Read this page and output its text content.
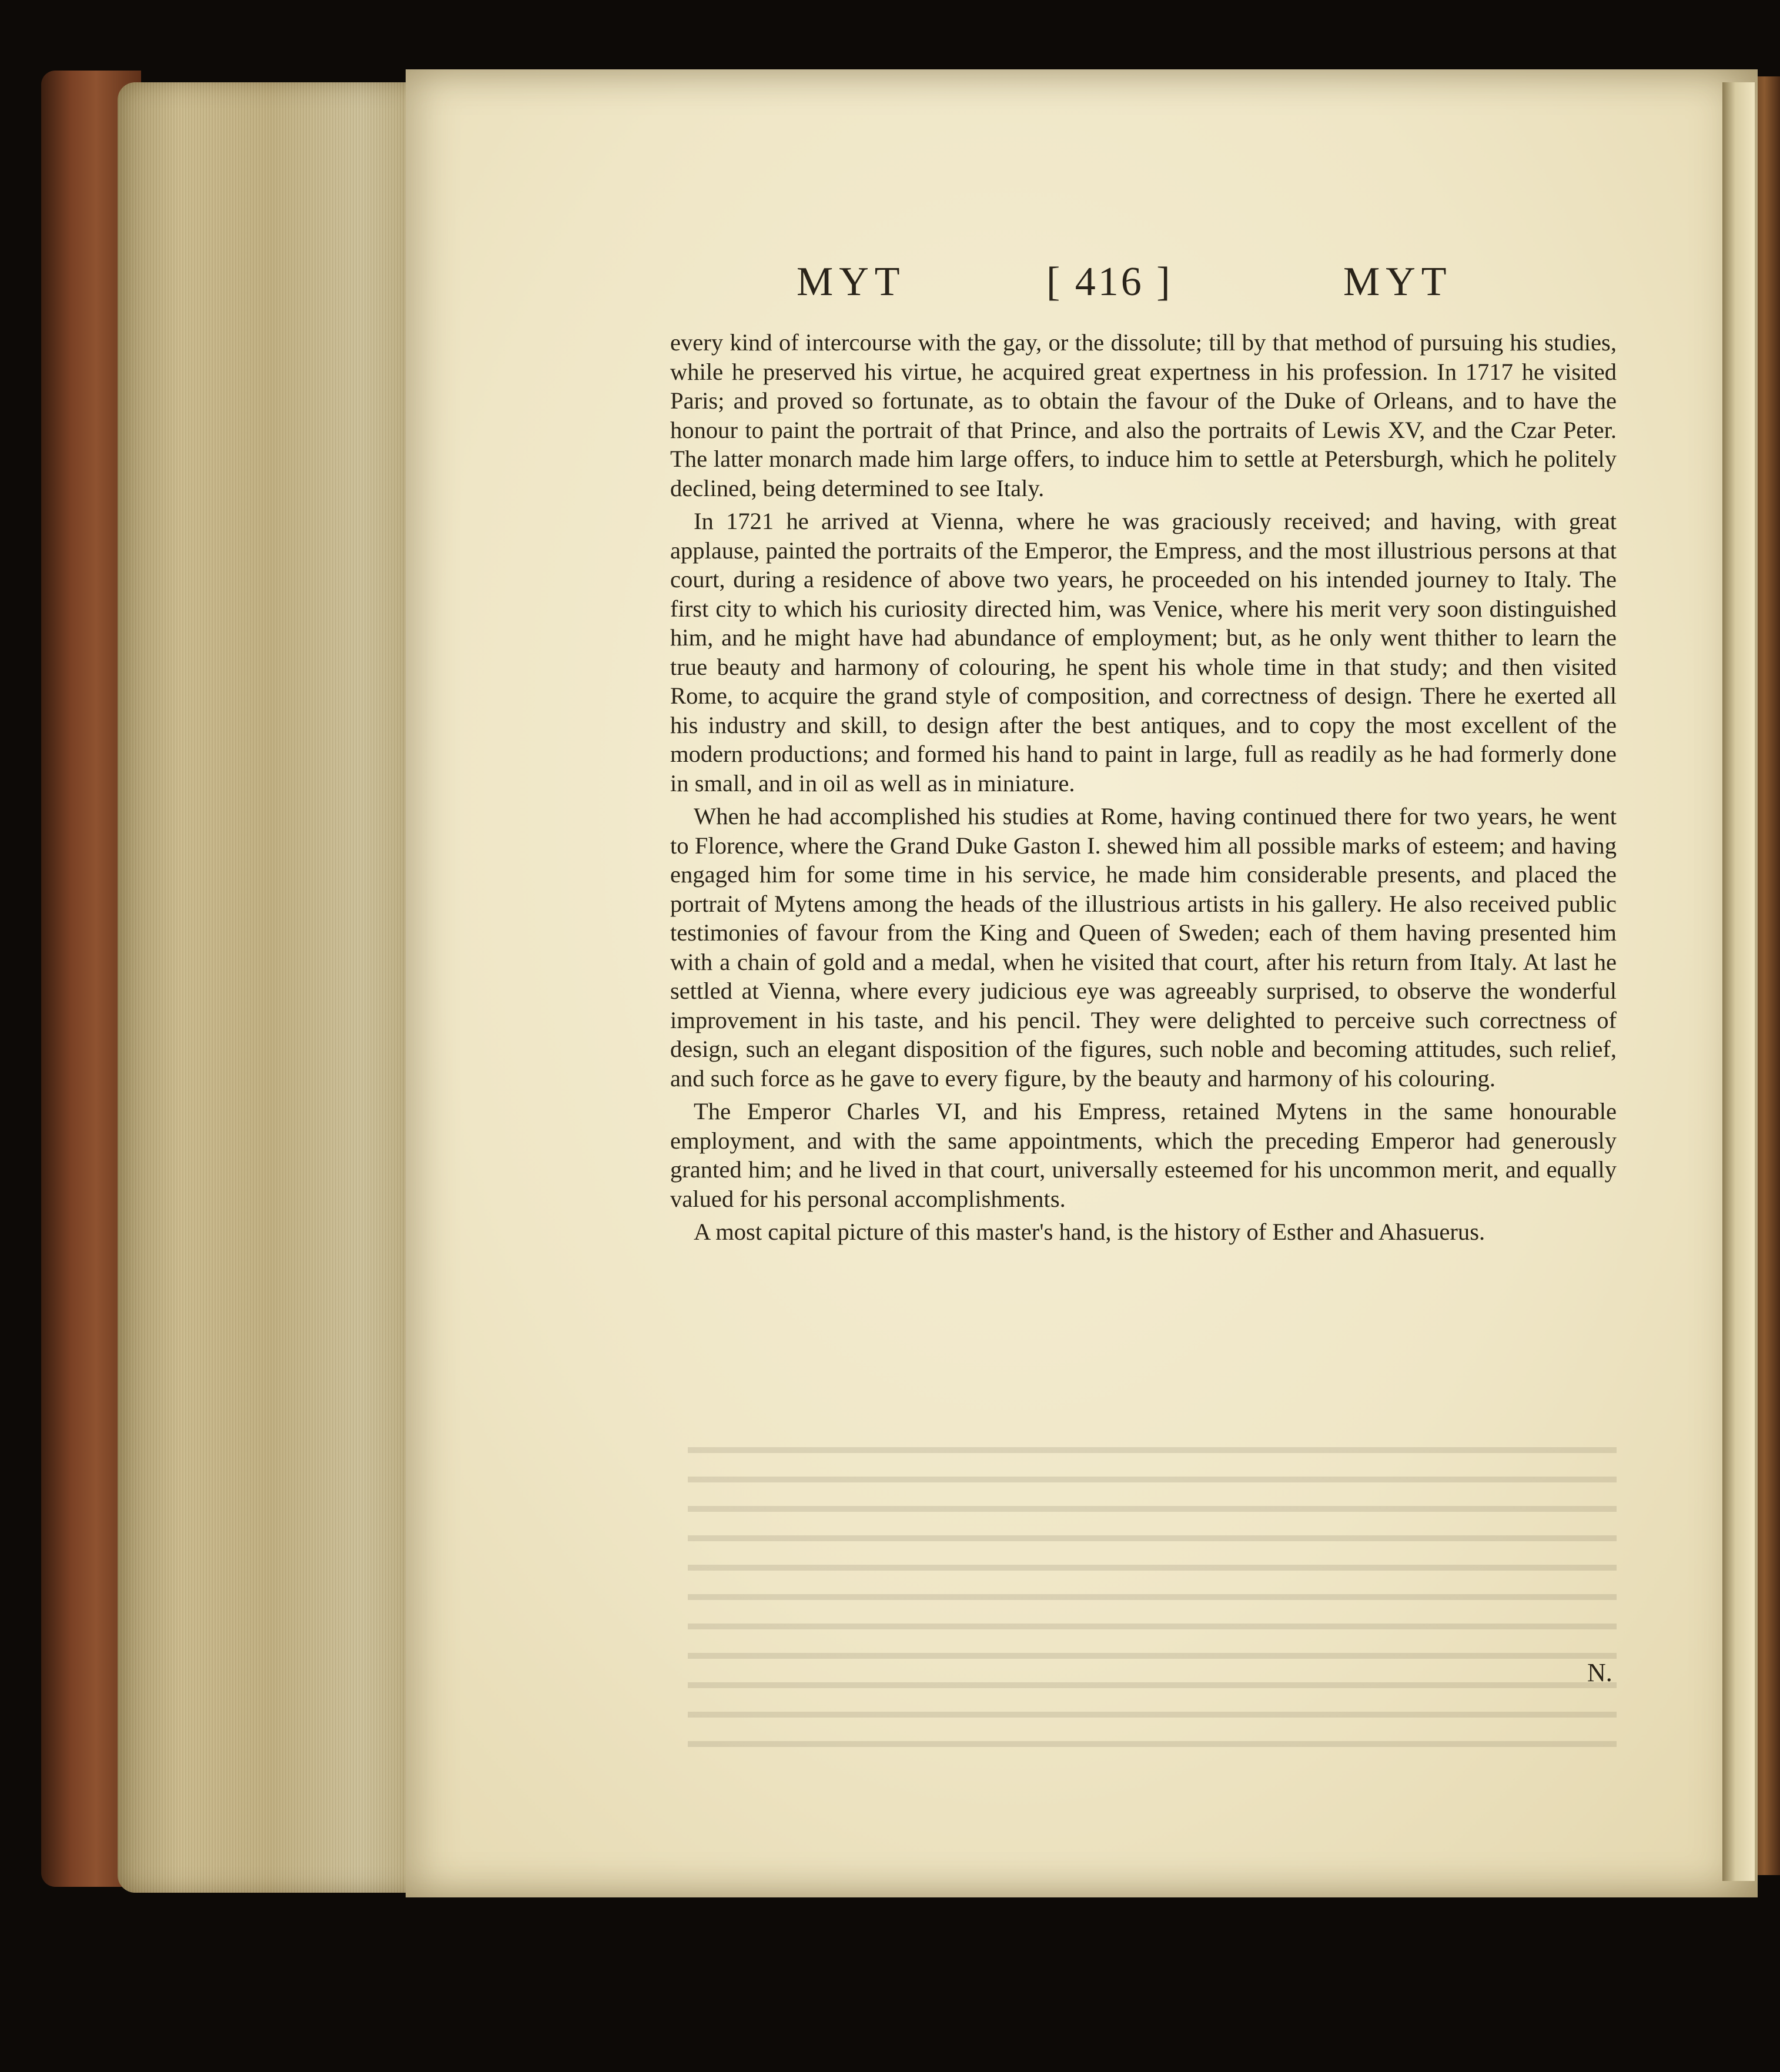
MYT	[ 416 ]	MYT

every kind of intercourse with the gay, or the dissolute; till by that method of pursuing his studies, while he preserved his virtue, he acquired great expertness in his profession. In 1717 he visited Paris; and proved so fortunate, as to obtain the favour of the Duke of Orleans, and to have the honour to paint the portrait of that Prince, and also the portraits of Lewis XV, and the Czar Peter. The latter monarch made him large offers, to induce him to settle at Petersburgh, which he politely declined, being determined to see Italy.

In 1721 he arrived at Vienna, where he was graciously received; and having, with great applause, painted the portraits of the Emperor, the Empress, and the most illustrious persons at that court, during a residence of above two years, he proceeded on his intended journey to Italy. The first city to which his curiosity directed him, was Venice, where his merit very soon distinguished him, and he might have had abundance of employment; but, as he only went thither to learn the true beauty and harmony of colouring, he spent his whole time in that study; and then visited Rome, to acquire the grand style of composition, and correctness of design. There he exerted all his industry and skill, to design after the best antiques, and to copy the most excellent of the modern productions; and formed his hand to paint in large, full as readily as he had formerly done in small, and in oil as well as in miniature.

When he had accomplished his studies at Rome, having continued there for two years, he went to Florence, where the Grand Duke Gaston I. shewed him all possible marks of esteem; and having engaged him for some time in his service, he made him considerable presents, and placed the portrait of Mytens among the heads of the illustrious artists in his gallery. He also received public testimonies of favour from the King and Queen of Sweden; each of them having presented him with a chain of gold and a medal, when he visited that court, after his return from Italy. At last he settled at Vienna, where every judicious eye was agreeably surprised, to observe the wonderful improvement in his taste, and his pencil. They were delighted to perceive such correctness of design, such an elegant disposition of the figures, such noble and becoming attitudes, such relief, and such force as he gave to every figure, by the beauty and harmony of his colouring.

The Emperor Charles VI, and his Empress, retained Mytens in the same honourable employment, and with the same appointments, which the preceding Emperor had generously granted him; and he lived in that court, universally esteemed for his uncommon merit, and equally valued for his personal accomplishments.

A most capital picture of this master's hand, is the history of Esther and Ahasuerus.

N.
